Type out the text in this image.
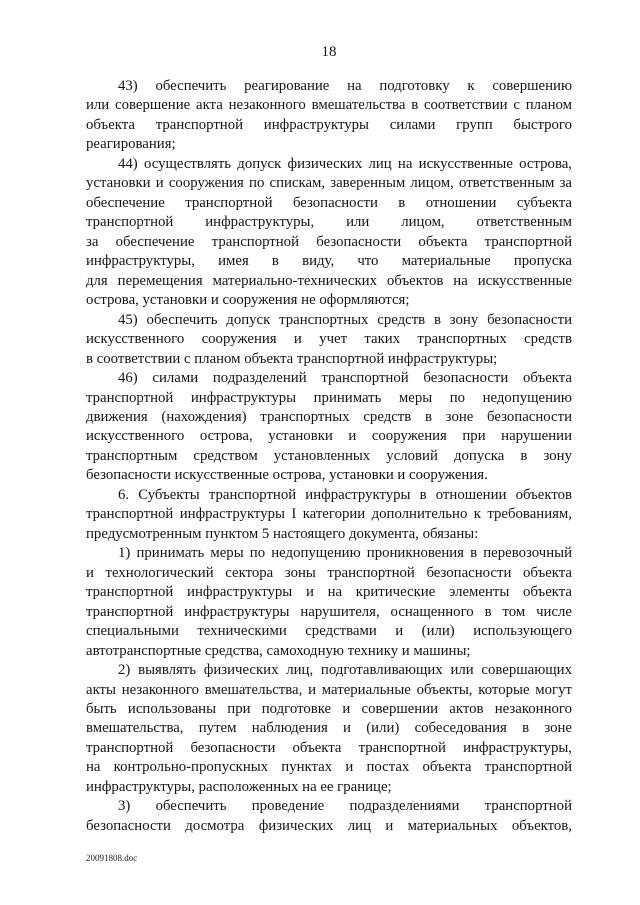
18
43) обеспечить реагирование на подготовку к совершению
или совершение акта незаконного вмешательства в соответствии с планом
объекта транспортной инфраструктуры силами групп быстрого
реагирования;
44) осуществлять допуск физических лиц на искусственные острова,
установки и сооружения по спискам, заверенным лицом, ответственным за
обеспечение транспортной безопасности в отношении субъекта
транспортной инфраструктуры, или лицом, ответственным
за обеспечение транспортной безопасности объекта транспортной
инфраструктуры, имея в виду, что материальные пропуска
для перемещения материально-технических объектов на искусственные
острова, установки и сооружения не оформляются;
45) обеспечить допуск транспортных средств в зону безопасности
искусственного сооружения и учет таких транспортных средств
в соответствии с планом объекта транспортной инфраструктуры;
46) силами подразделений транспортной безопасности объекта
транспортной инфраструктуры принимать меры по недопущению
движения (нахождения) транспортных средств в зоне безопасности
искусственного острова, установки и сооружения при нарушении
транспортным средством установленных условий допуска в зону
безопасности искусственные острова, установки и сооружения.
6. Субъекты транспортной инфраструктуры в отношении объектов
транспортной инфраструктуры I категории дополнительно к требованиям,
предусмотренным пунктом 5 настоящего документа, обязаны:
1) принимать меры по недопущению проникновения в перевозочный
и технологический сектора зоны транспортной безопасности объекта
транспортной инфраструктуры и на критические элементы объекта
транспортной инфраструктуры нарушителя, оснащенного в том числе
специальными техническими средствами и (или) использующего
автотранспортные средства, самоходную технику и машины;
2) выявлять физических лиц, подготавливающих или совершающих
акты незаконного вмешательства, и материальные объекты, которые могут
быть использованы при подготовке и совершении актов незаконного
вмешательства, путем наблюдения и (или) собеседования в зоне
транспортной безопасности объекта транспортной инфраструктуры,
на контрольно-пропускных пунктах и постах объекта транспортной
инфраструктуры, расположенных на ее границе;
3) обеспечить проведение подразделениями транспортной
безопасности досмотра физических лиц и материальных объектов,
20091808.doc
